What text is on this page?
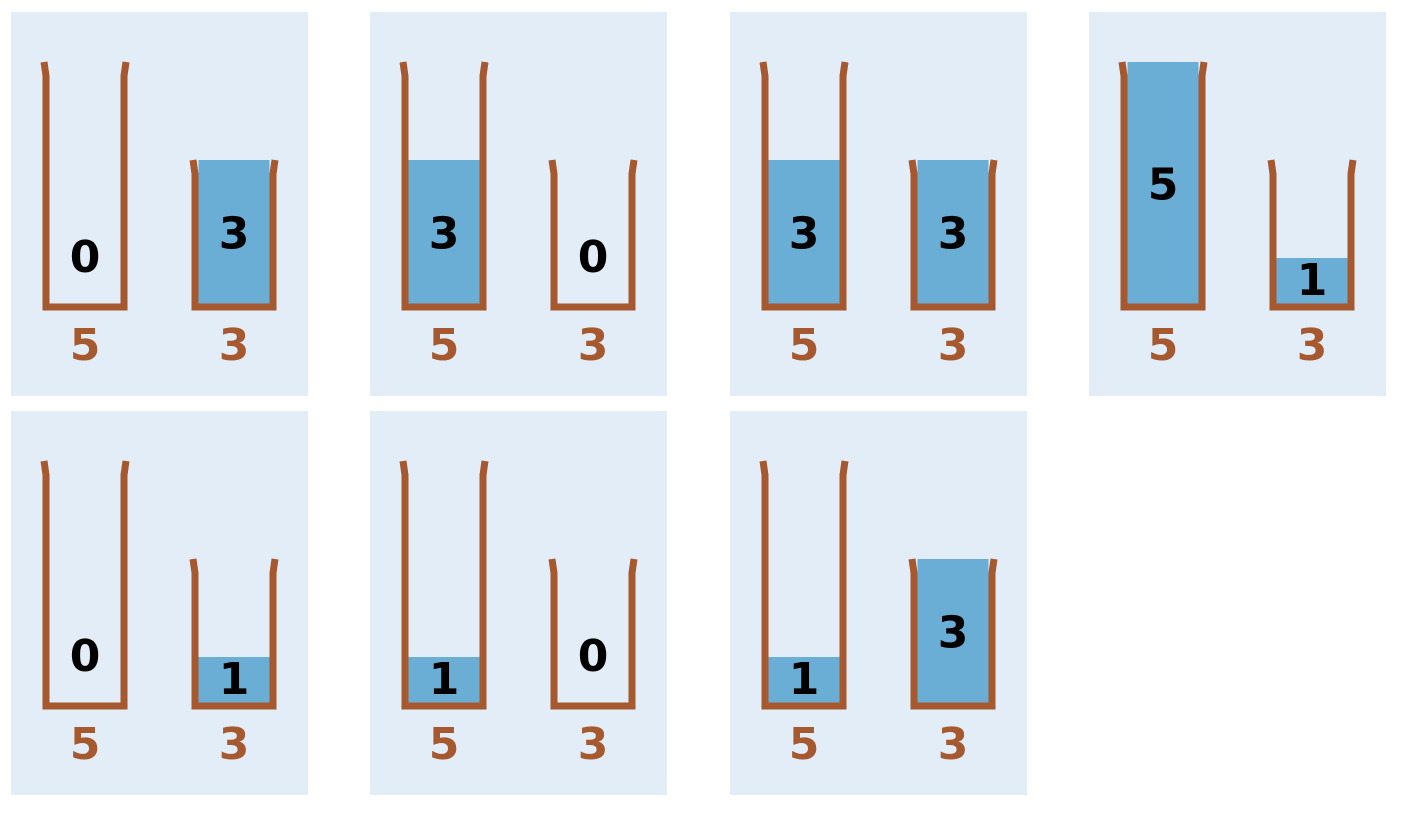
0
5
3
3
3
5
0
3
3
5
3
3
5
5
1
3
0
5
1
3
1
5
0
3
1
5
3
3
